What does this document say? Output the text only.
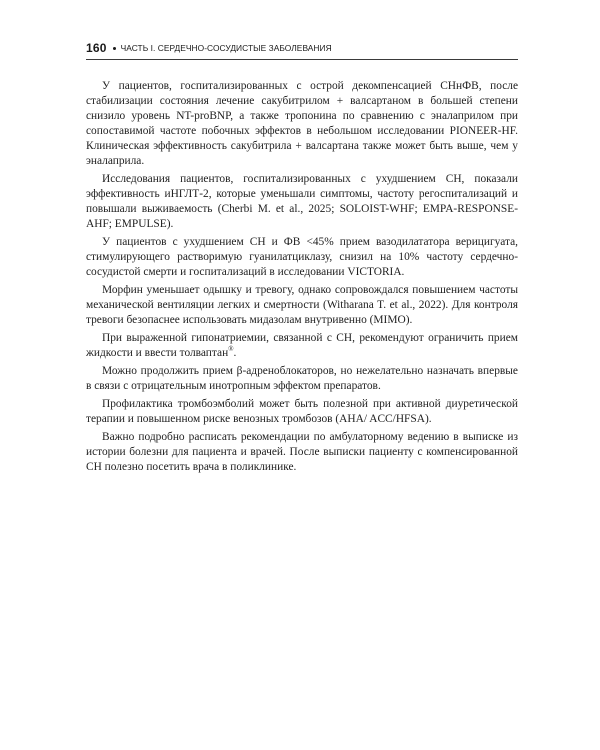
160 ЧАСТЬ I. СЕРДЕЧНО-СОСУДИСТЫЕ ЗАБОЛЕВАНИЯ

У пациентов, госпитализированных с острой декомпенсацией СНнФВ, после стабилизации состояния лечение сакубитрилом + валсартаном в большей степени снизило уровень NT-proBNP, а также тропонина по сравнению с эналаприлом при сопоставимой частоте побочных эффектов в небольшом исследовании PIONEER-HF. Клиническая эффективность сакубитрила + валсартана также может быть выше, чем у эналаприла.

Исследования пациентов, госпитализированных с ухудшением СН, показали эффективность иНГЛТ-2, которые уменьшали симптомы, частоту регоспитализаций и повышали выживаемость (Cherbi M. et al., 2025; SOLOIST-WHF; EMPA-RESPONSE-AHF; EMPULSE).

У пациентов с ухудшением СН и ФВ <45% прием вазодилататора верицигуата, стимулирующего растворимую гуанилатциклазу, снизил на 10% частоту сердечно-сосудистой смерти и госпитализаций в исследовании VICTORIA.

Морфин уменьшает одышку и тревогу, однако сопровождался повышением частоты механической вентиляции легких и смертности (Witharana T. et al., 2022). Для контроля тревоги безопаснее использовать мидазолам внутривенно (MIMO).

При выраженной гипонатриемии, связанной с СН, рекомендуют ограничить прием жидкости и ввести толваптан®.

Можно продолжить прием β-адреноблокаторов, но нежелательно назначать впервые в связи с отрицательным инотропным эффектом препаратов.

Профилактика тромбоэмболий может быть полезной при активной диуретической терапии и повышенном риске венозных тромбозов (AHA/ ACC/HFSA).

Важно подробно расписать рекомендации по амбулаторному ведению в выписке из истории болезни для пациента и врачей. После выписки пациенту с компенсированной СН полезно посетить врача в поликлинике.
